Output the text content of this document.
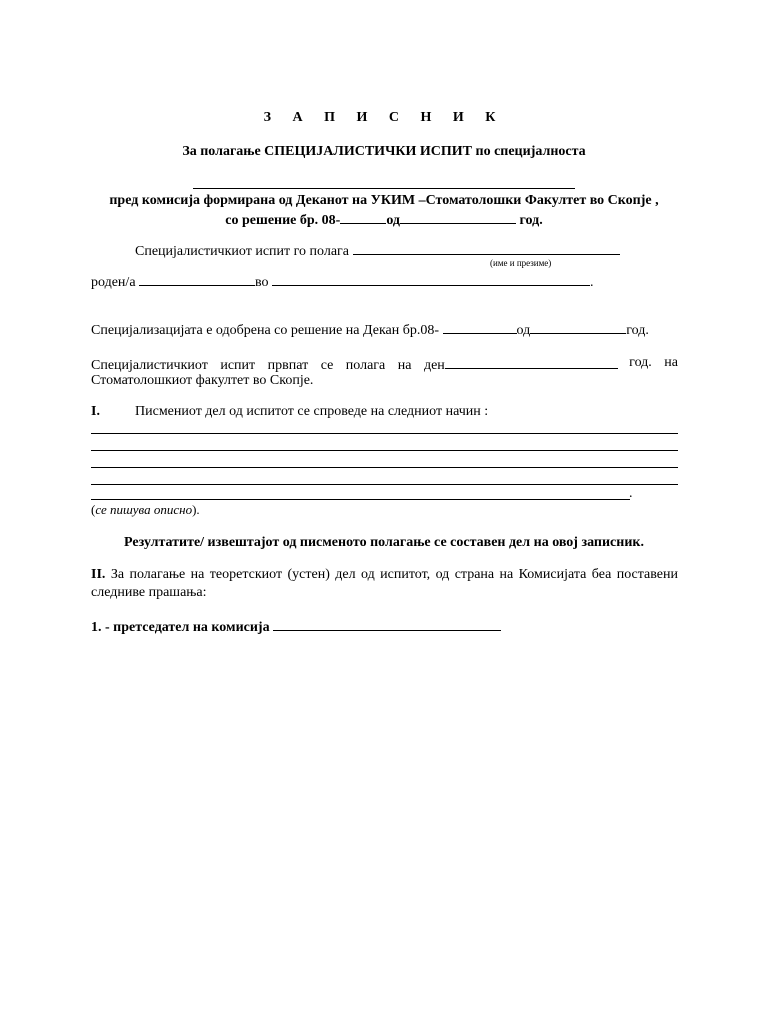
З А П И С Н И К
За полагање СПЕЦИЈАЛИСТИЧКИ ИСПИТ по специјалноста
пред комисија формирана од Деканот на УКИМ –Стоматолошки Факултет во Скопје ,
со решение бр. 08-	од	год.
Специјалистичкиот испит го полага
(име и презиме)
роден/а	во	.
Специјализацијата е одобрена со решение на Декан бр.08-	од	год.
Специјалистичкиот испит првпат се полага на ден	год. на
Стоматолошкиот факултет во Скопје.
I.	Писмениот дел од испитот се спроведе на следниот начин :
.
(се пишува описно).
Резултатите/ извештајот од писменото полагање се составен дел на овој записник.
II. За полагање на теоретскиот (устен) дел од испитот, од страна на Комисијата беа поставени следниве прашања:
1. - претседател на комисија
